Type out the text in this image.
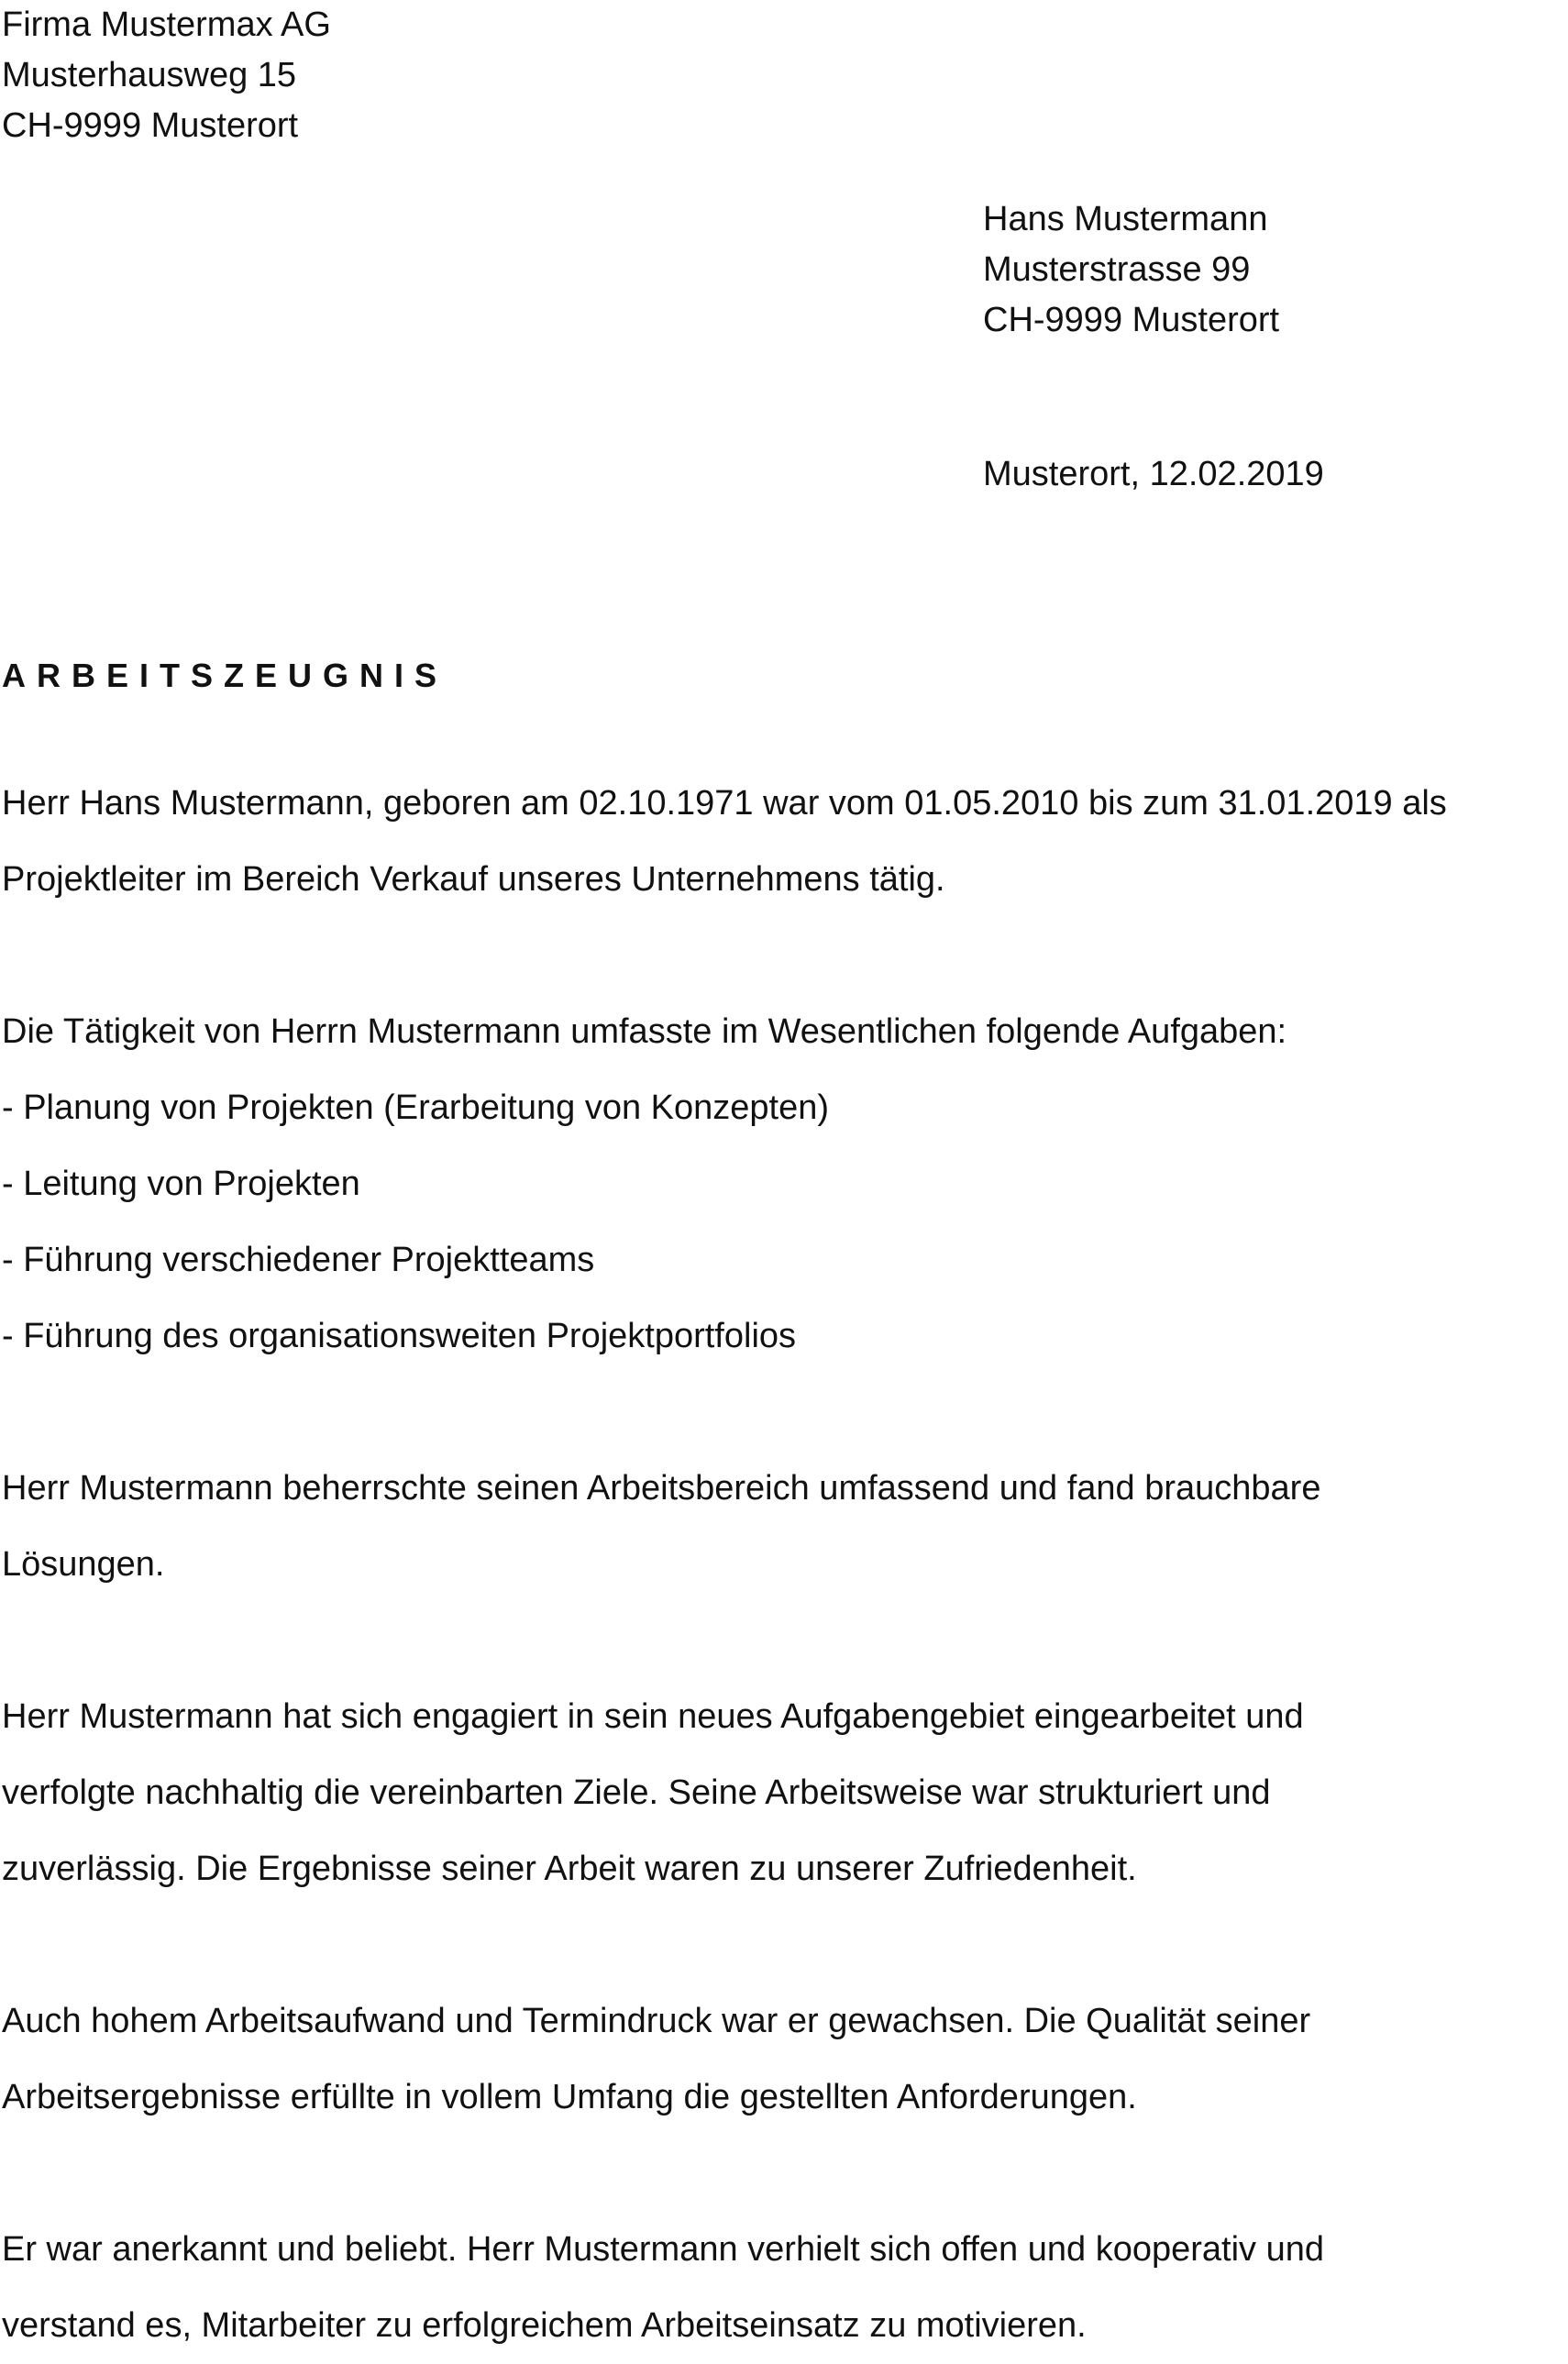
Firma Mustermax AG
Musterhausweg 15
CH-9999 Musterort
Hans Mustermann
Musterstrasse 99
CH-9999 Musterort
Musterort, 12.02.2019
ARBEITSZEUGNIS
Herr Hans Mustermann, geboren am 02.10.1971 war vom 01.05.2010 bis zum 31.01.2019 als
Projektleiter im Bereich Verkauf unseres Unternehmens tätig.
Die Tätigkeit von Herrn Mustermann umfasste im Wesentlichen folgende Aufgaben:
- Planung von Projekten (Erarbeitung von Konzepten)
- Leitung von Projekten
- Führung verschiedener Projektteams
- Führung des organisationsweiten Projektportfolios
Herr Mustermann beherrschte seinen Arbeitsbereich umfassend und fand brauchbare
Lösungen.
Herr Mustermann hat sich engagiert in sein neues Aufgabengebiet eingearbeitet und
verfolgte nachhaltig die vereinbarten Ziele. Seine Arbeitsweise war strukturiert und
zuverlässig. Die Ergebnisse seiner Arbeit waren zu unserer Zufriedenheit.
Auch hohem Arbeitsaufwand und Termindruck war er gewachsen. Die Qualität seiner
Arbeitsergebnisse erfüllte in vollem Umfang die gestellten Anforderungen.
Er war anerkannt und beliebt. Herr Mustermann verhielt sich offen und kooperativ und
verstand es, Mitarbeiter zu erfolgreichem Arbeitseinsatz zu motivieren.
